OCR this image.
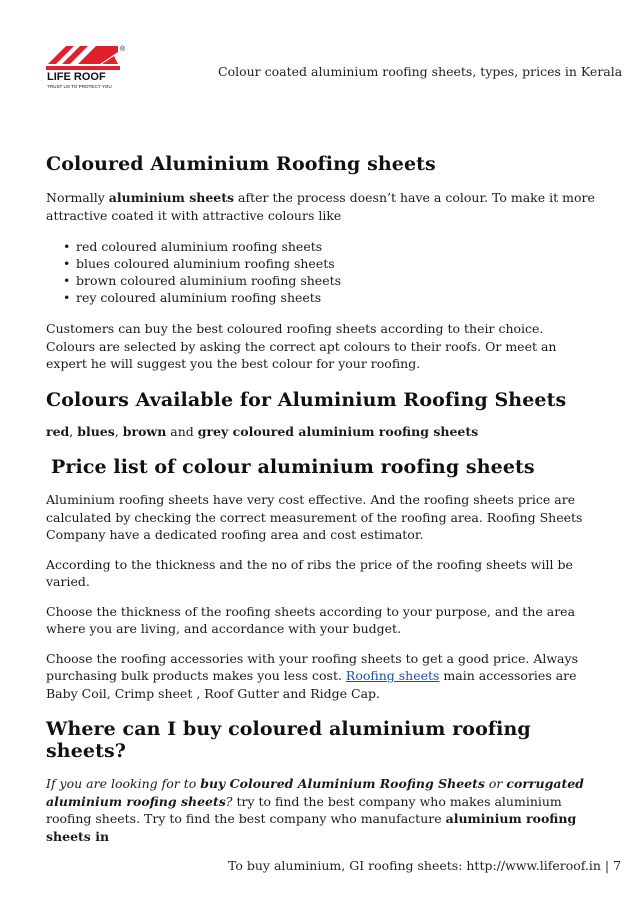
LIFE ROOF
TRUST US TO PROTECT YOU
®
Colour coated aluminium roofing sheets, types, prices in Kerala
Coloured Aluminium Roofing sheets

Normally aluminium sheets after the process doesn’t have a colour. To make it more attractive coated it with attractive colours like

• red coloured aluminium roofing sheets
• blues coloured aluminium roofing sheets
• brown coloured aluminium roofing sheets
• rey coloured aluminium roofing sheets

Customers can buy the best coloured roofing sheets according to their choice. Colours are selected by asking the correct apt colours to their roofs. Or meet an expert he will suggest you the best colour for your roofing.

Colours Available for Aluminium Roofing Sheets

red, blues, brown and grey coloured aluminium roofing sheets

Price list of colour aluminium roofing sheets

Aluminium roofing sheets have very cost effective. And the roofing sheets price are calculated by checking the correct measurement of the roofing area. Roofing Sheets Company have a dedicated roofing area and cost estimator.

According to the thickness and the no of ribs the price of the roofing sheets will be varied.

Choose the thickness of the roofing sheets according to your purpose, and the area where you are living, and accordance with your budget.

Choose the roofing accessories with your roofing sheets to get a good price. Always purchasing bulk products makes you less cost. Roofing sheets main accessories are Baby Coil, Crimp sheet , Roof Gutter and Ridge Cap.

Where can I buy coloured aluminium roofing sheets?

If you are looking for to buy Coloured Aluminium Roofing Sheets or corrugated aluminium roofing sheets? try to find the best company who makes aluminium roofing sheets. Try to find the best company who manufacture aluminium roofing sheets in

To buy aluminium, GI roofing sheets: http://www.liferoof.in | 7
